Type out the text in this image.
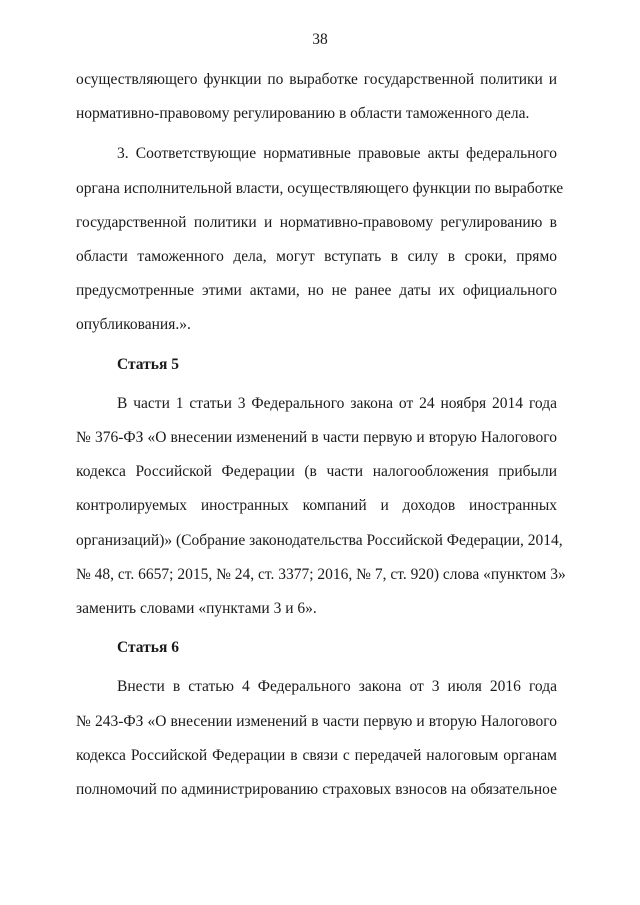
38

осуществляющего функции по выработке государственной политики и
нормативно-правовому регулированию в области таможенного дела.

3. Соответствующие нормативные правовые акты федерального
органа исполнительной власти, осуществляющего функции по выработке
государственной политики и нормативно-правовому регулированию в
области таможенного дела, могут вступать в силу в сроки, прямо
предусмотренные этими актами, но не ранее даты их официального
опубликования.».

Статья 5

В части 1 статьи 3 Федерального закона от 24 ноября 2014 года
№ 376-ФЗ «О внесении изменений в части первую и вторую Налогового
кодекса Российской Федерации (в части налогообложения прибыли
контролируемых иностранных компаний и доходов иностранных
организаций)» (Собрание законодательства Российской Федерации, 2014,
№ 48, ст. 6657; 2015, № 24, ст. 3377; 2016, № 7, ст. 920) слова «пунктом 3»
заменить словами «пунктами 3 и 6».

Статья 6

Внести в статью 4 Федерального закона от 3 июля 2016 года
№ 243-ФЗ «О внесении изменений в части первую и вторую Налогового
кодекса Российской Федерации в связи с передачей налоговым органам
полномочий по администрированию страховых взносов на обязательное
